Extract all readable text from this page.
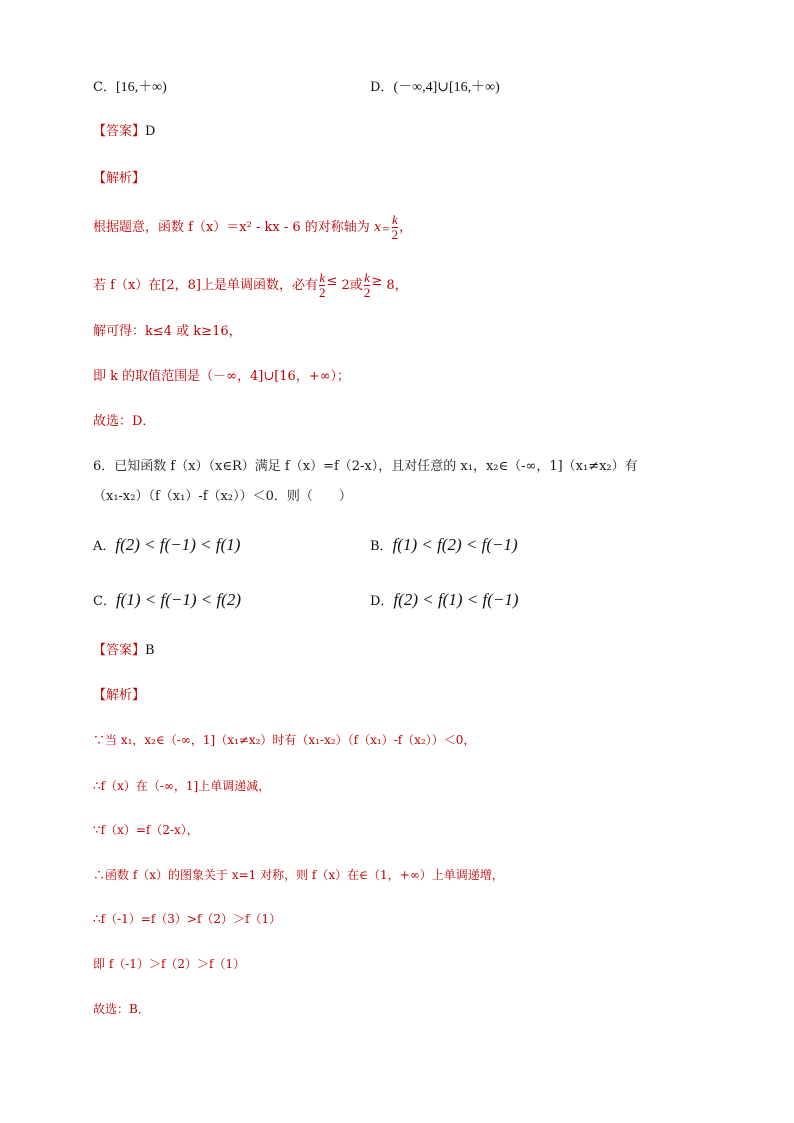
C．[16,＋∞)	D．(－∞,4]∪[16,＋∞)
【答案】D
【解析】
根据题意，函数 f（x）＝x² - kx - 6 的对称轴为 $x = \frac{k}{2}$ ，
若 f（x）在[2，8]上是单调函数，必有 $\frac{k}{2} \le 2$或 $\frac{k}{2} \ge 8$，
解可得：k≤4 或 k≥16，
即 k 的取值范围是（－∞，4]∪[16，+∞）；
故选：D．
6．已知函数 f（x）（x∈R）满足 f（x）=f（2-x），且对任意的 x₁，x₂∈（-∞，1]（x₁≠x₂）有
（x₁-x₂）（f（x₁）-f（x₂））＜0．则（　　）
A．f(2) < f(−1) < f(1)	B．f(1) < f(2) < f(−1)
C．f(1) < f(−1) < f(2)	D．f(2) < f(1) < f(−1)
【答案】B
【解析】
∵当 x₁，x₂∈（-∞，1]（x₁≠x₂）时有（x₁-x₂）（f（x₁）-f（x₂））＜0，
∴f（x）在（-∞，1]上单调递减，
∵f（x）=f（2-x），
∴函数 f（x）的图象关于 x=1 对称，则 f（x）在∈（1，+∞）上单调递增，
∴f（-1）=f（3）>f（2）＞f（1）
即 f（-1）＞f（2）＞f（1）
故选：B．
